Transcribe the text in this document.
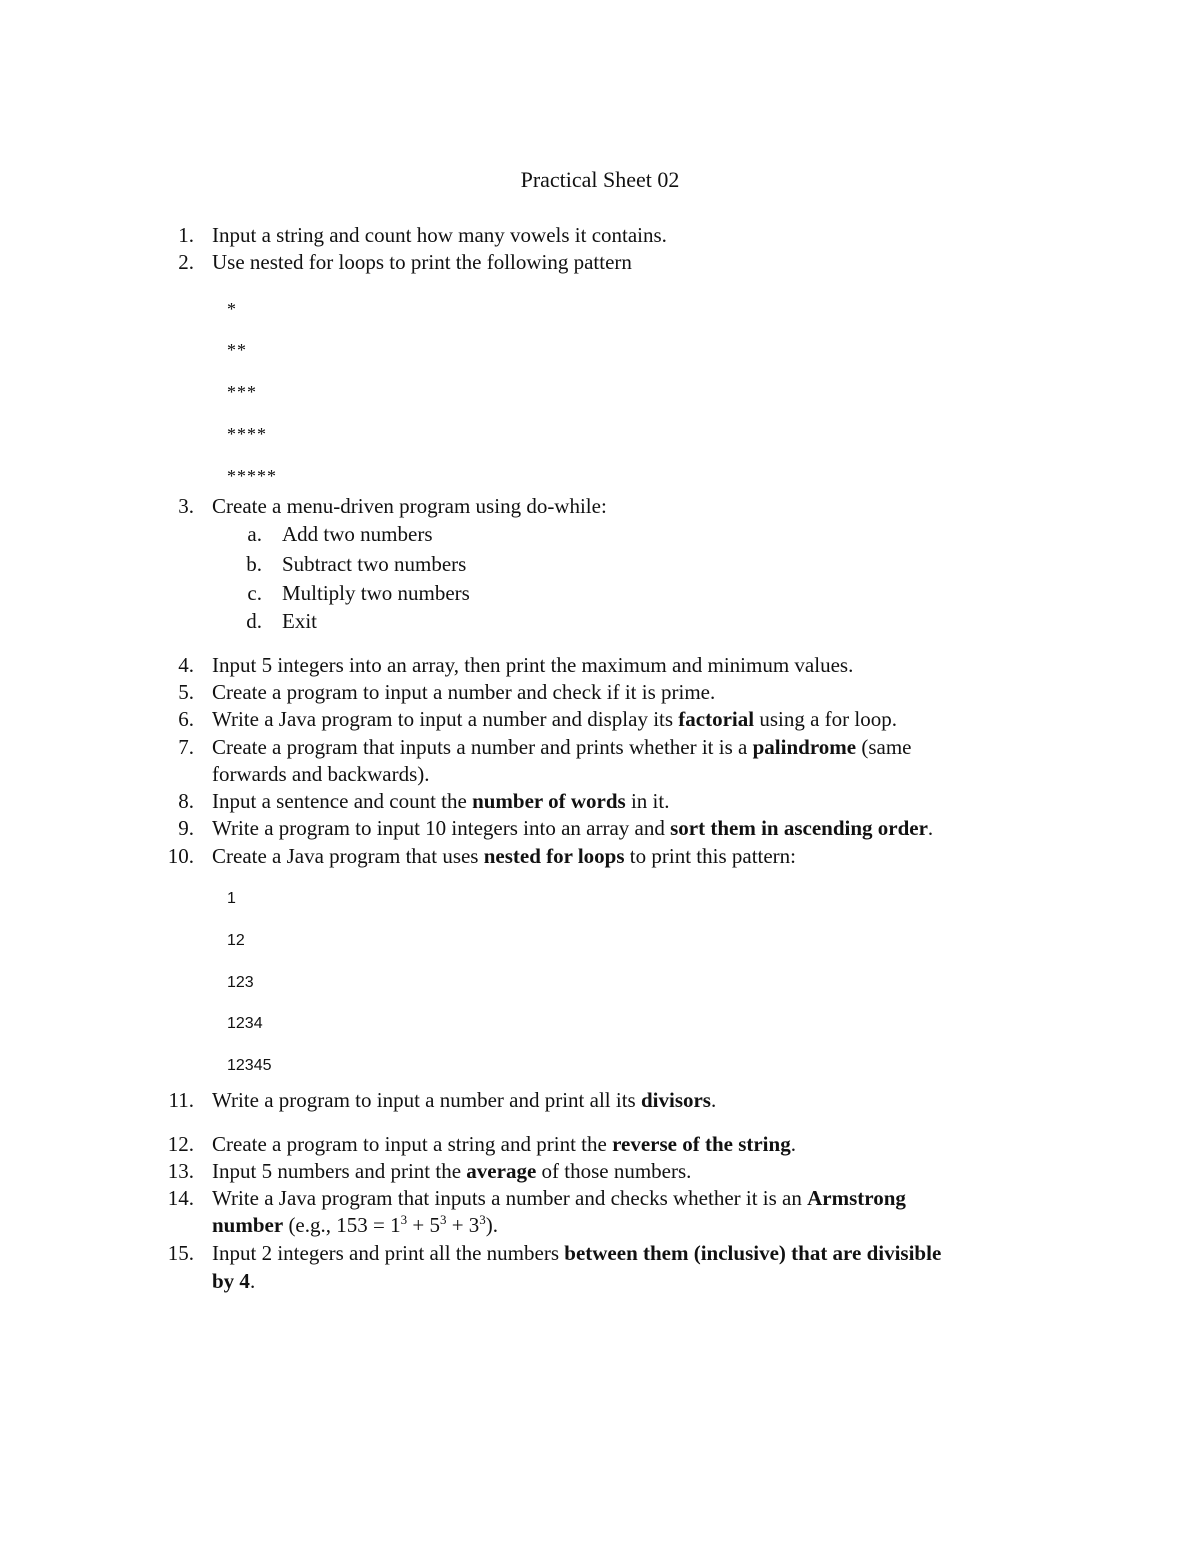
Practical Sheet 02
1. Input a string and count how many vowels it contains.
2. Use nested for loops to print the following pattern
*
**
***
****
*****
3. Create a menu-driven program using do-while:
a. Add two numbers
b. Subtract two numbers
c. Multiply two numbers
d. Exit
4. Input 5 integers into an array, then print the maximum and minimum values.
5. Create a program to input a number and check if it is prime.
6. Write a Java program to input a number and display its factorial using a for loop.
7. Create a program that inputs a number and prints whether it is a palindrome (same
forwards and backwards).
8. Input a sentence and count the number of words in it.
9. Write a program to input 10 integers into an array and sort them in ascending order.
10. Create a Java program that uses nested for loops to print this pattern:
1
12
123
1234
12345
11. Write a program to input a number and print all its divisors.
12. Create a program to input a string and print the reverse of the string.
13. Input 5 numbers and print the average of those numbers.
14. Write a Java program that inputs a number and checks whether it is an Armstrong
number (e.g., $153 = 1^3 + 5^3 + 3^3$).
15. Input 2 integers and print all the numbers between them (inclusive) that are divisible
by 4.
